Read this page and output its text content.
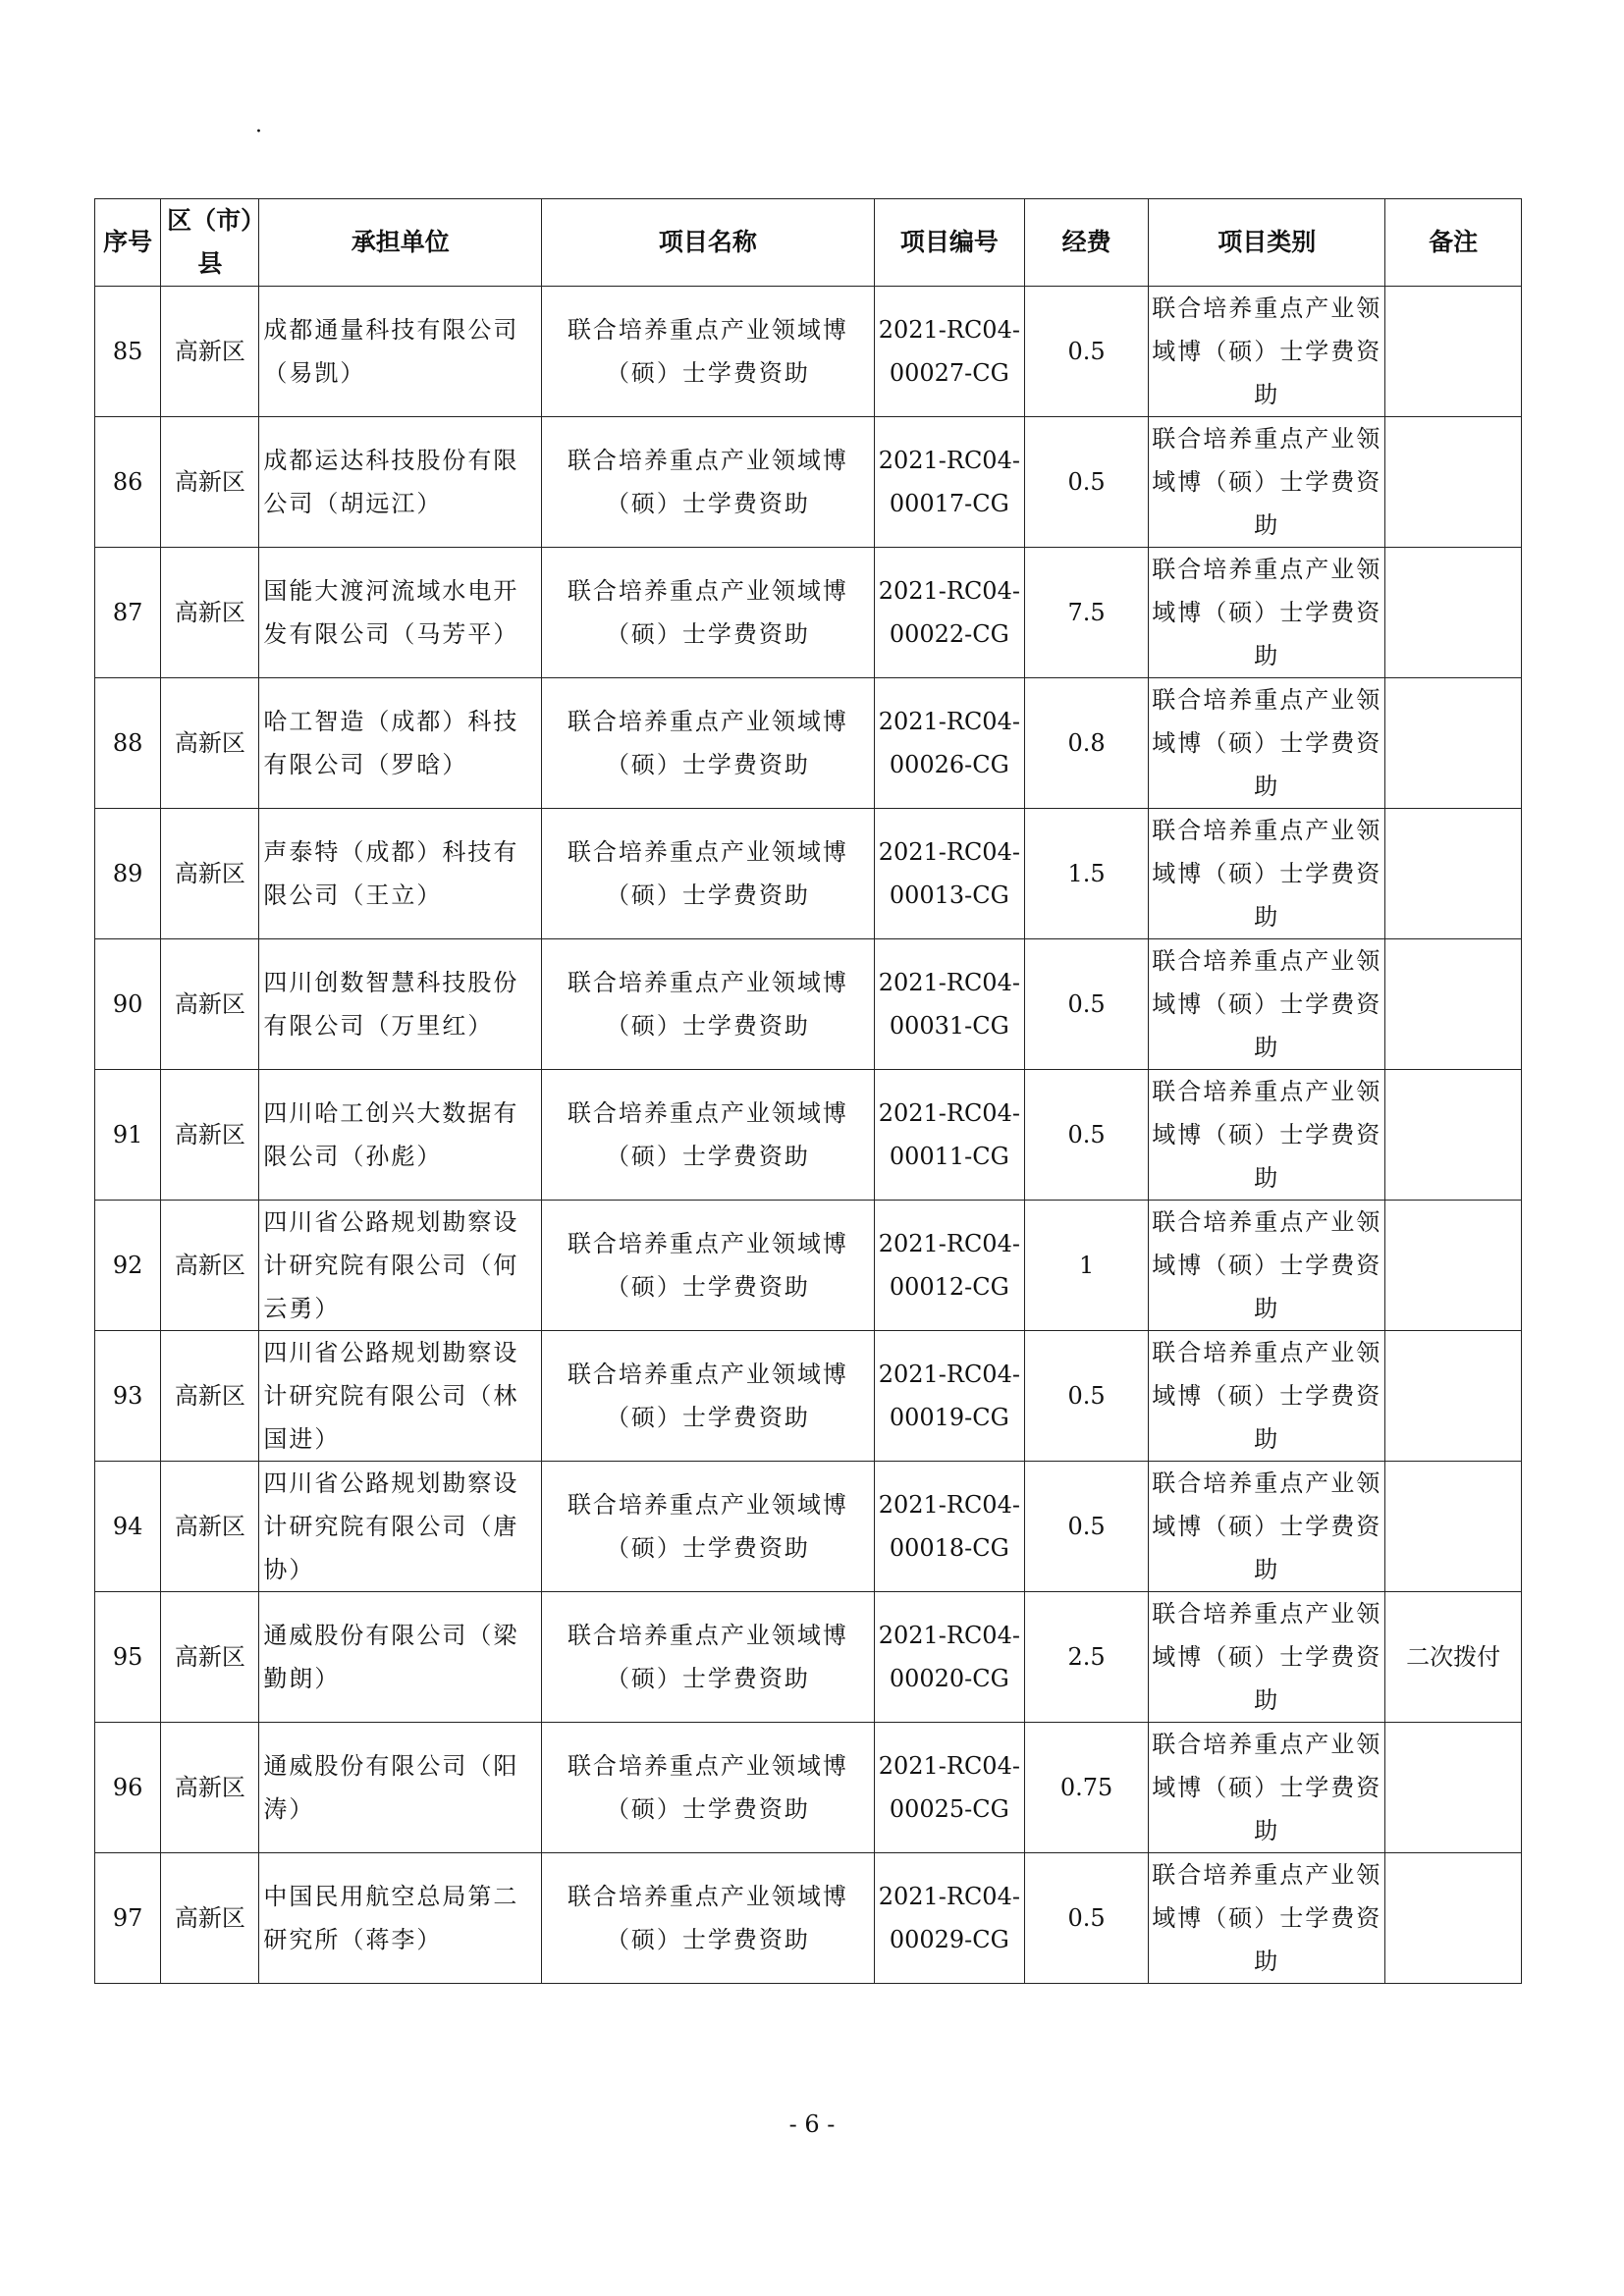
·
序号	区（市）县	承担单位	项目名称	项目编号	经费	项目类别	备注
85	高新区	成都通量科技有限公司（易凯）	联合培养重点产业领域博（硕）士学费资助	2021-RC04-00027-CG	0.5	联合培养重点产业领域博（硕）士学费资助	
86	高新区	成都运达科技股份有限公司（胡远江）	联合培养重点产业领域博（硕）士学费资助	2021-RC04-00017-CG	0.5	联合培养重点产业领域博（硕）士学费资助	
87	高新区	国能大渡河流域水电开发有限公司（马芳平）	联合培养重点产业领域博（硕）士学费资助	2021-RC04-00022-CG	7.5	联合培养重点产业领域博（硕）士学费资助	
88	高新区	哈工智造（成都）科技有限公司（罗晗）	联合培养重点产业领域博（硕）士学费资助	2021-RC04-00026-CG	0.8	联合培养重点产业领域博（硕）士学费资助	
89	高新区	声泰特（成都）科技有限公司（王立）	联合培养重点产业领域博（硕）士学费资助	2021-RC04-00013-CG	1.5	联合培养重点产业领域博（硕）士学费资助	
90	高新区	四川创数智慧科技股份有限公司（万里红）	联合培养重点产业领域博（硕）士学费资助	2021-RC04-00031-CG	0.5	联合培养重点产业领域博（硕）士学费资助	
91	高新区	四川哈工创兴大数据有限公司（孙彪）	联合培养重点产业领域博（硕）士学费资助	2021-RC04-00011-CG	0.5	联合培养重点产业领域博（硕）士学费资助	
92	高新区	四川省公路规划勘察设计研究院有限公司（何云勇）	联合培养重点产业领域博（硕）士学费资助	2021-RC04-00012-CG	1	联合培养重点产业领域博（硕）士学费资助	
93	高新区	四川省公路规划勘察设计研究院有限公司（林国进）	联合培养重点产业领域博（硕）士学费资助	2021-RC04-00019-CG	0.5	联合培养重点产业领域博（硕）士学费资助	
94	高新区	四川省公路规划勘察设计研究院有限公司（唐协）	联合培养重点产业领域博（硕）士学费资助	2021-RC04-00018-CG	0.5	联合培养重点产业领域博（硕）士学费资助	
95	高新区	通威股份有限公司（梁勤朗）	联合培养重点产业领域博（硕）士学费资助	2021-RC04-00020-CG	2.5	联合培养重点产业领域博（硕）士学费资助	二次拨付
96	高新区	通威股份有限公司（阳涛）	联合培养重点产业领域博（硕）士学费资助	2021-RC04-00025-CG	0.75	联合培养重点产业领域博（硕）士学费资助	
97	高新区	中国民用航空总局第二研究所（蒋李）	联合培养重点产业领域博（硕）士学费资助	2021-RC04-00029-CG	0.5	联合培养重点产业领域博（硕）士学费资助	
- 6 -
